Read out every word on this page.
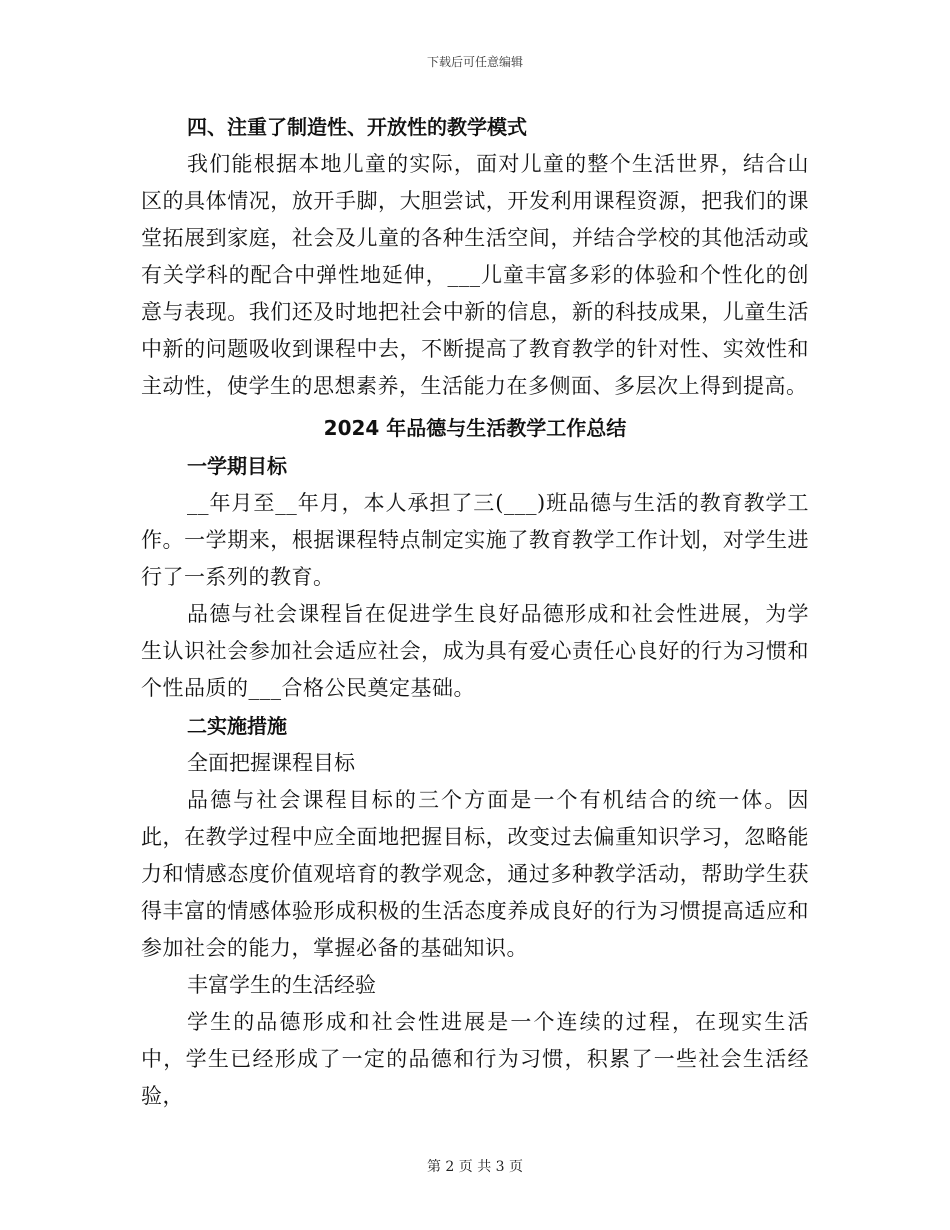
下载后可任意编辑
四、注重了制造性、开放性的教学模式

我们能根据本地儿童的实际，面对儿童的整个生活世界，结合山区的具体情况，放开手脚，大胆尝试，开发利用课程资源，把我们的课堂拓展到家庭，社会及儿童的各种生活空间，并结合学校的其他活动或有关学科的配合中弹性地延伸，___儿童丰富多彩的体验和个性化的创意与表现。我们还及时地把社会中新的信息，新的科技成果，儿童生活中新的问题吸收到课程中去，不断提高了教育教学的针对性、实效性和主动性，使学生的思想素养，生活能力在多侧面、多层次上得到提高。

2024 年品德与生活教学工作总结
一学期目标

__年月至__年月，本人承担了三(___)班品德与生活的教育教学工作。一学期来，根据课程特点制定实施了教育教学工作计划，对学生进行了一系列的教育。

品德与社会课程旨在促进学生良好品德形成和社会性进展，为学生认识社会参加社会适应社会，成为具有爱心责任心良好的行为习惯和个性品质的___合格公民奠定基础。

二实施措施
全面把握课程目标

品德与社会课程目标的三个方面是一个有机结合的统一体。因此，在教学过程中应全面地把握目标，改变过去偏重知识学习，忽略能力和情感态度价值观培育的教学观念，通过多种教学活动，帮助学生获得丰富的情感体验形成积极的生活态度养成良好的行为习惯提高适应和参加社会的能力，掌握必备的基础知识。

丰富学生的生活经验

学生的品德形成和社会性进展是一个连续的过程，在现实生活中，学生已经形成了一定的品德和行为习惯，积累了一些社会生活经验，

第 2 页 共 3 页
